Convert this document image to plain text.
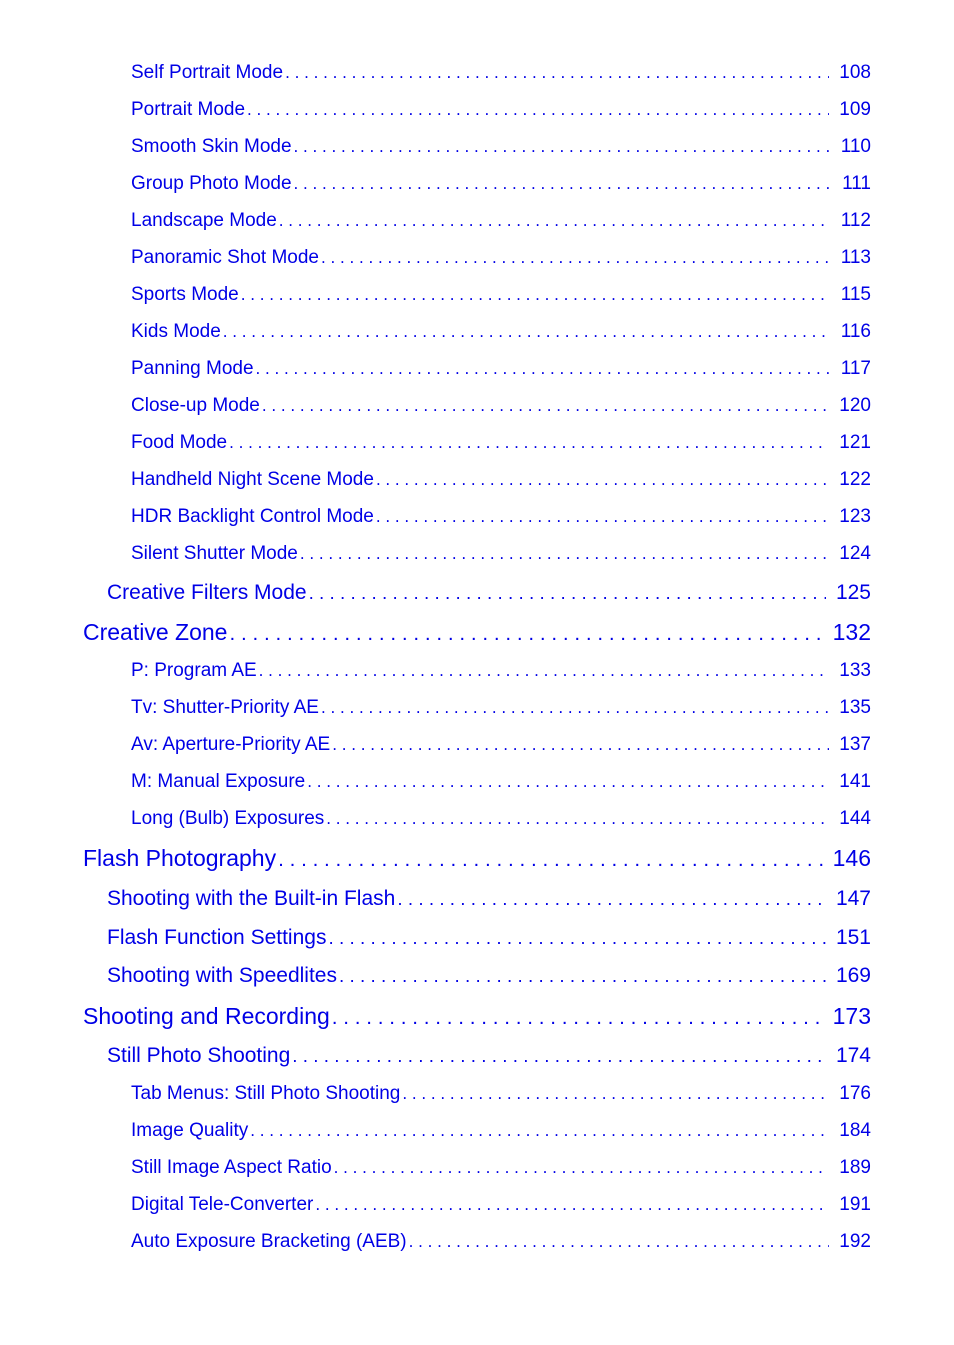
Self Portrait Mode . . .	108
Portrait Mode . . .	109
Smooth Skin Mode . . .	110
Group Photo Mode . . .	111
Landscape Mode . . .	112
Panoramic Shot Mode . . .	113
Sports Mode . . .	115
Kids Mode . . .	116
Panning Mode . . .	117
Close-up Mode . . .	120
Food Mode . . .	121
Handheld Night Scene Mode . . .	122
HDR Backlight Control Mode . . .	123
Silent Shutter Mode . . .	124
Creative Filters Mode . . .	125
Creative Zone . . .	132
P: Program AE . . .	133
Tv: Shutter-Priority AE . . .	135
Av: Aperture-Priority AE . . .	137
M: Manual Exposure . . .	141
Long (Bulb) Exposures . . .	144
Flash Photography . . .	146
Shooting with the Built-in Flash . . .	147
Flash Function Settings . . .	151
Shooting with Speedlites . . .	169
Shooting and Recording . . .	173
Still Photo Shooting . . .	174
Tab Menus: Still Photo Shooting . . .	176
Image Quality . . .	184
Still Image Aspect Ratio . . .	189
Digital Tele-Converter . . .	191
Auto Exposure Bracketing (AEB) . . .	192
